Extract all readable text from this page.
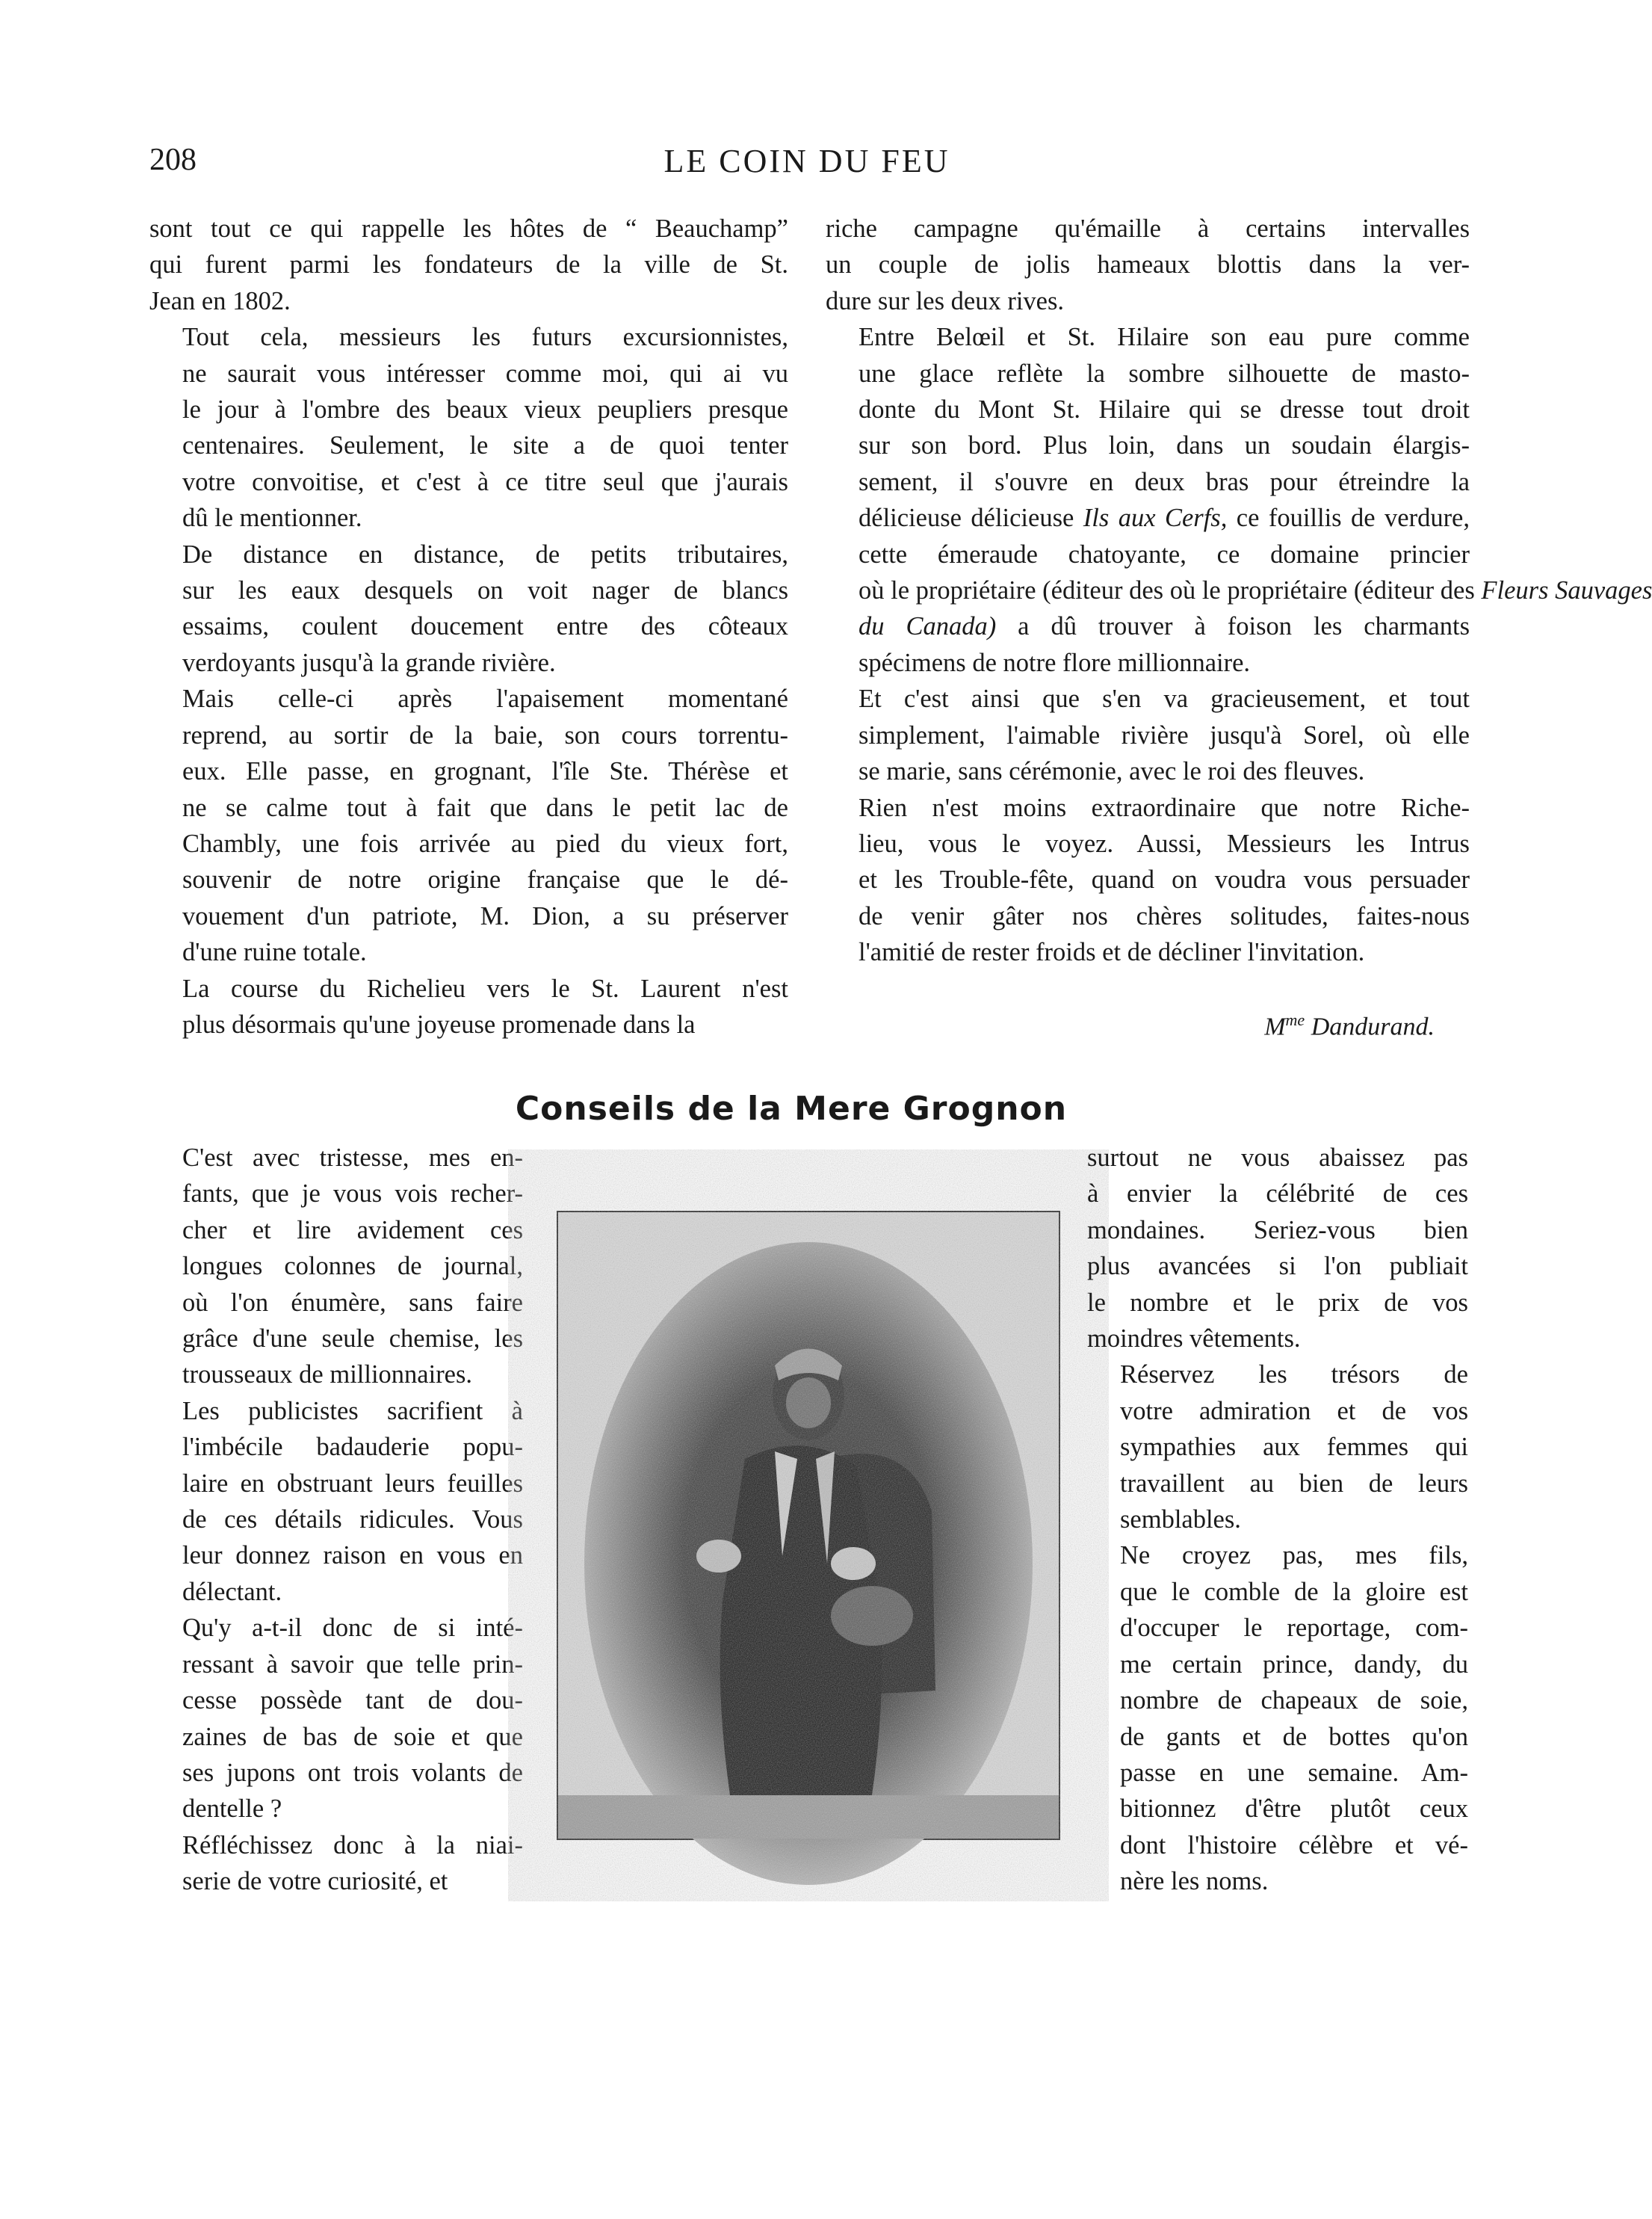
208	LE COIN DU FEU

sont tout ce qui rappelle les hôtes de “ Beauchamp”
qui furent parmi les fondateurs de la ville de St.
Jean en 1802.

Tout cela, messieurs les futurs excursionnistes,
ne saurait vous intéresser comme moi, qui ai vu
le jour à l'ombre des beaux vieux peupliers presque
centenaires. Seulement, le site a de quoi tenter
votre convoitise, et c'est à ce titre seul que j'aurais
dû le mentionner.

De distance en distance, de petits tributaires,
sur les eaux desquels on voit nager de blancs
essaims, coulent doucement entre des côteaux
verdoyants jusqu'à la grande rivière.

Mais celle-ci après l'apaisement momentané
reprend, au sortir de la baie, son cours torrentu-
eux. Elle passe, en grognant, l'île Ste. Thérèse et
ne se calme tout à fait que dans le petit lac de
Chambly, une fois arrivée au pied du vieux fort,
souvenir de notre origine française que le dé-
vouement d'un patriote, M. Dion, a su préserver
d'une ruine totale.

La course du Richelieu vers le St. Laurent n'est
plus désormais qu'une joyeuse promenade dans la

riche campagne qu'émaille à certains intervalles
un couple de jolis hameaux blottis dans la ver-
dure sur les deux rives.

Entre Belœil et St. Hilaire son eau pure comme
une glace reflète la sombre silhouette de masto-
donte du Mont St. Hilaire qui se dresse tout droit
sur son bord. Plus loin, dans un soudain élargis-
sement, il s'ouvre en deux bras pour étreindre la
délicieuse délicieuse Ils aux Cerfs, ce fouillis de verdure,
cette émeraude chatoyante, ce domaine princier
où le propriétaire (éditeur des où le propriétaire (éditeur des Fleurs Sauvages
du Canada) a dû trouver à foison les charmants
spécimens de notre flore millionnaire.

Et c'est ainsi que s'en va gracieusement, et tout
simplement, l'aimable rivière jusqu'à Sorel, où elle
se marie, sans cérémonie, avec le roi des fleuves.

Rien n'est moins extraordinaire que notre Riche-
lieu, vous le voyez. Aussi, Messieurs les Intrus
et les Trouble-fête, quand on voudra vous persuader
de venir gâter nos chères solitudes, faites-nous
l'amitié de rester froids et de décliner l'invitation.

$M^{me}$ Dandurand.
Conseils de la Mere Grognon

C'est avec tristesse, mes en-
fants, que je vous vois recher-
cher et lire avidement ces
longues colonnes de journal,
où l'on énumère, sans faire
grâce d'une seule chemise, les
trousseaux de millionnaires.

Les publicistes sacrifient à
l'imbécile badauderie popu-
laire en obstruant leurs feuilles
de ces détails ridicules. Vous
leur donnez raison en vous en
délectant.

Qu'y a-t-il donc de si inté-
ressant à savoir que telle prin-
cesse possède tant de dou-
zaines de bas de soie et que
ses jupons ont trois volants de
dentelle ?

Réfléchissez donc à la niai-
serie de votre curiosité, et

surtout ne vous abaissez pas
à envier la célébrité de ces
mondaines. Seriez-vous bien
plus avancées si l'on publiait
le nombre et le prix de vos
moindres vêtements.

Réservez les trésors de
votre admiration et de vos
sympathies aux femmes qui
travaillent au bien de leurs
semblables.

Ne croyez pas, mes fils,
que le comble de la gloire est
d'occuper le reportage, com-
me certain prince, dandy, du
nombre de chapeaux de soie,
de gants et de bottes qu'on
passe en une semaine. Am-
bitionnez d'être plutôt ceux
dont l'histoire célèbre et vé-
nère les noms.
